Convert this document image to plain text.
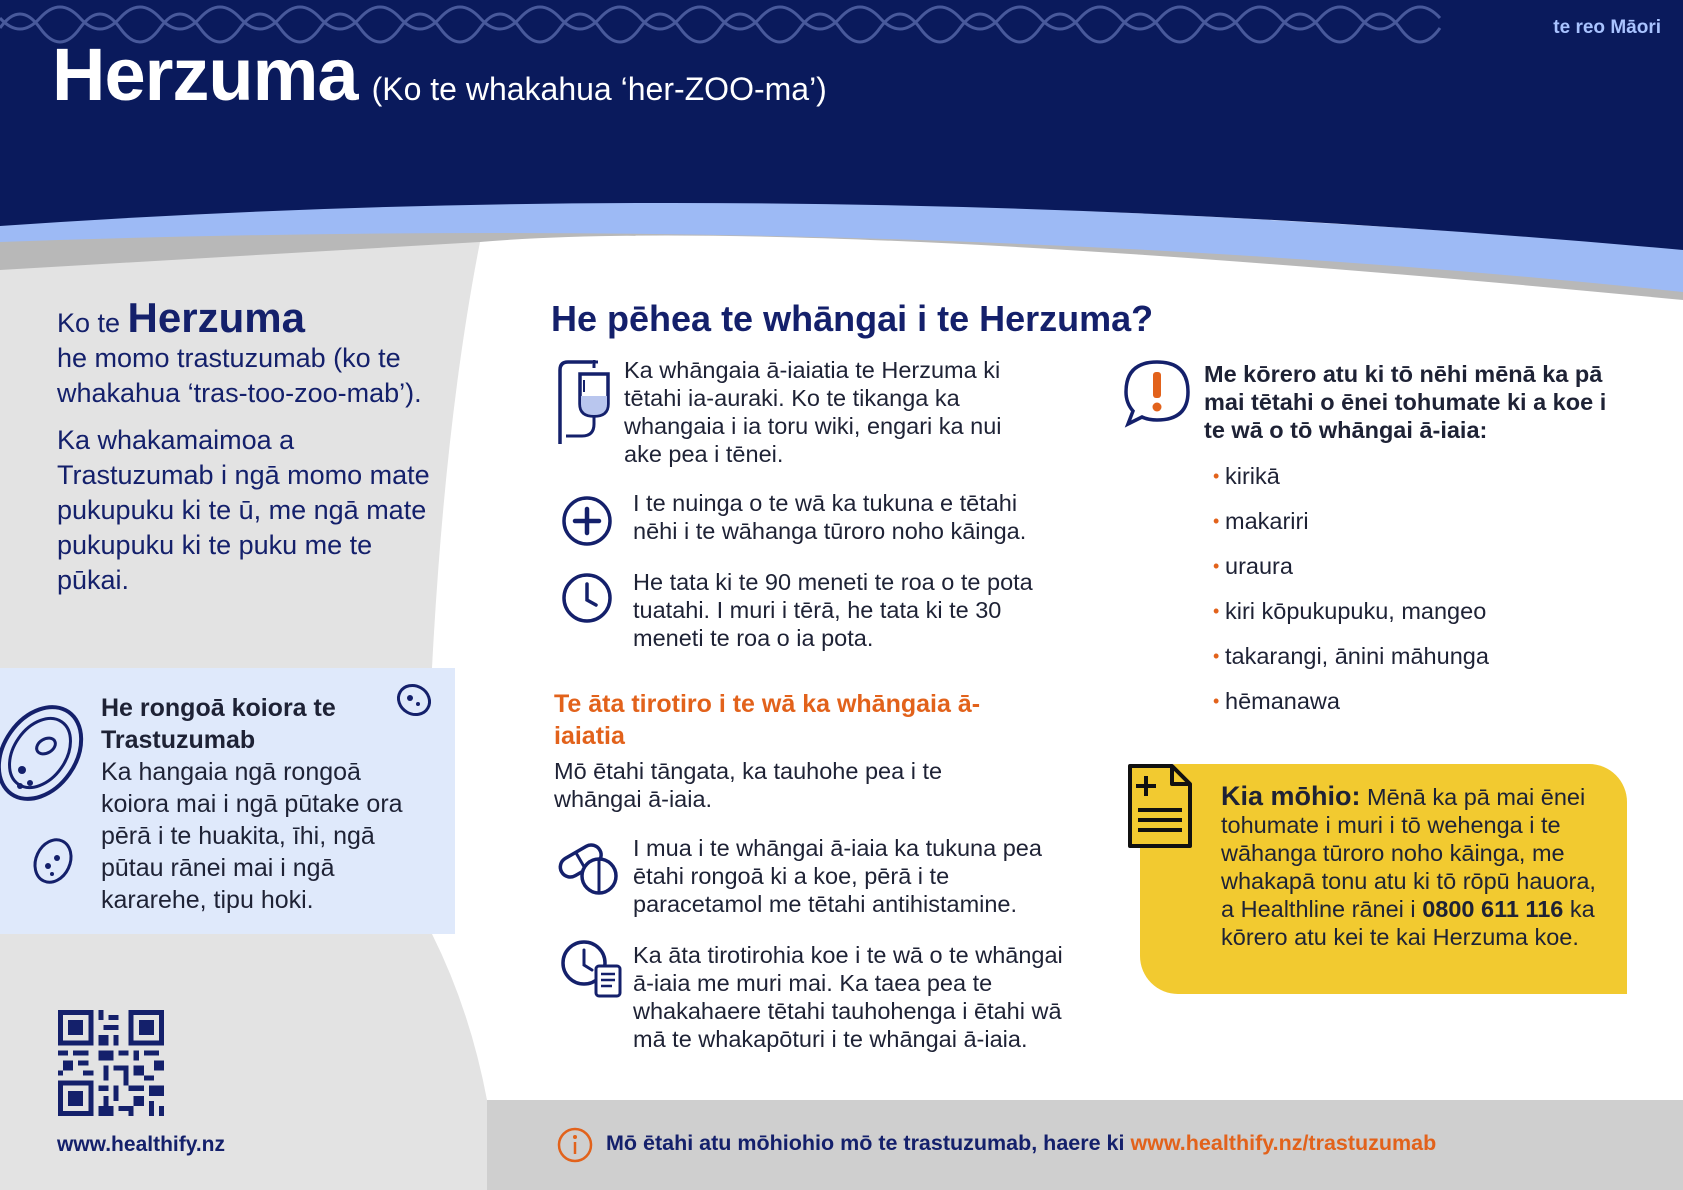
Herzuma (Ko te whakahua ‘her-ZOO-ma’)
te reo Māori

Ko te Herzuma
he momo trastuzumab (ko te whakahua ‘tras-too-zoo-mab’).

Ka whakamaimoa a Trastuzumab i ngā momo mate pukupuku ki te ū, me ngā mate pukupuku ki te puku me te pūkai.

He rongoā koiora te Trastuzumab
Ka hangaia ngā rongoā koiora mai i ngā pūtake ora pērā i te huakita, īhi, ngā pūtau rānei mai i ngā kararehe, tipu hoki.
www.healthify.nz
He pēhea te whāngai i te Herzuma?
Ka whāngaia ā-iaiatia te Herzuma ki tētahi ia-auraki. Ko te tikanga ka whangaia i ia toru wiki, engari ka nui ake pea i tēnei.
I te nuinga o te wā ka tukuna e tētahi nēhi i te wāhanga tūroro noho kāinga.
He tata ki te 90 meneti te roa o te pota tuatahi. I muri i tērā, he tata ki te 30 meneti te roa o ia pota.
Te āta tirotiro i te wā ka whāngaia ā-iaiatia
Mō ētahi tāngata, ka tauhohe pea i te whāngai ā-iaia.
I mua i te whāngai ā-iaia ka tukuna pea ētahi rongoā ki a koe, pērā i te paracetamol me tētahi antihistamine.
Ka āta tirotirohia koe i te wā o te whāngai ā-iaia me muri mai. Ka taea pea te whakahaere tētahi tauhohenga i ētahi wā mā te whakapōturi i te whāngai ā-iaia.
Me kōrero atu ki tō nēhi mēnā ka pā mai tētahi o ēnei tohumate ki a koe i te wā o tō whāngai ā-iaia:
• kirikā
• makariri
• uraura
• kiri kōpukupuku, mangeo
• takarangi, ānini māhunga
• hēmanawa
Kia mōhio: Mēnā ka pā mai ēnei tohumate i muri i tō wehenga i te wāhanga tūroro noho kāinga, me whakapā tonu atu ki tō rōpū hauora, a Healthline rānei i 0800 611 116 ka kōrero atu kei te kai Herzuma koe.
Mō ētahi atu mōhiohio mō te trastuzumab, haere ki www.healthify.nz/trastuzumab
